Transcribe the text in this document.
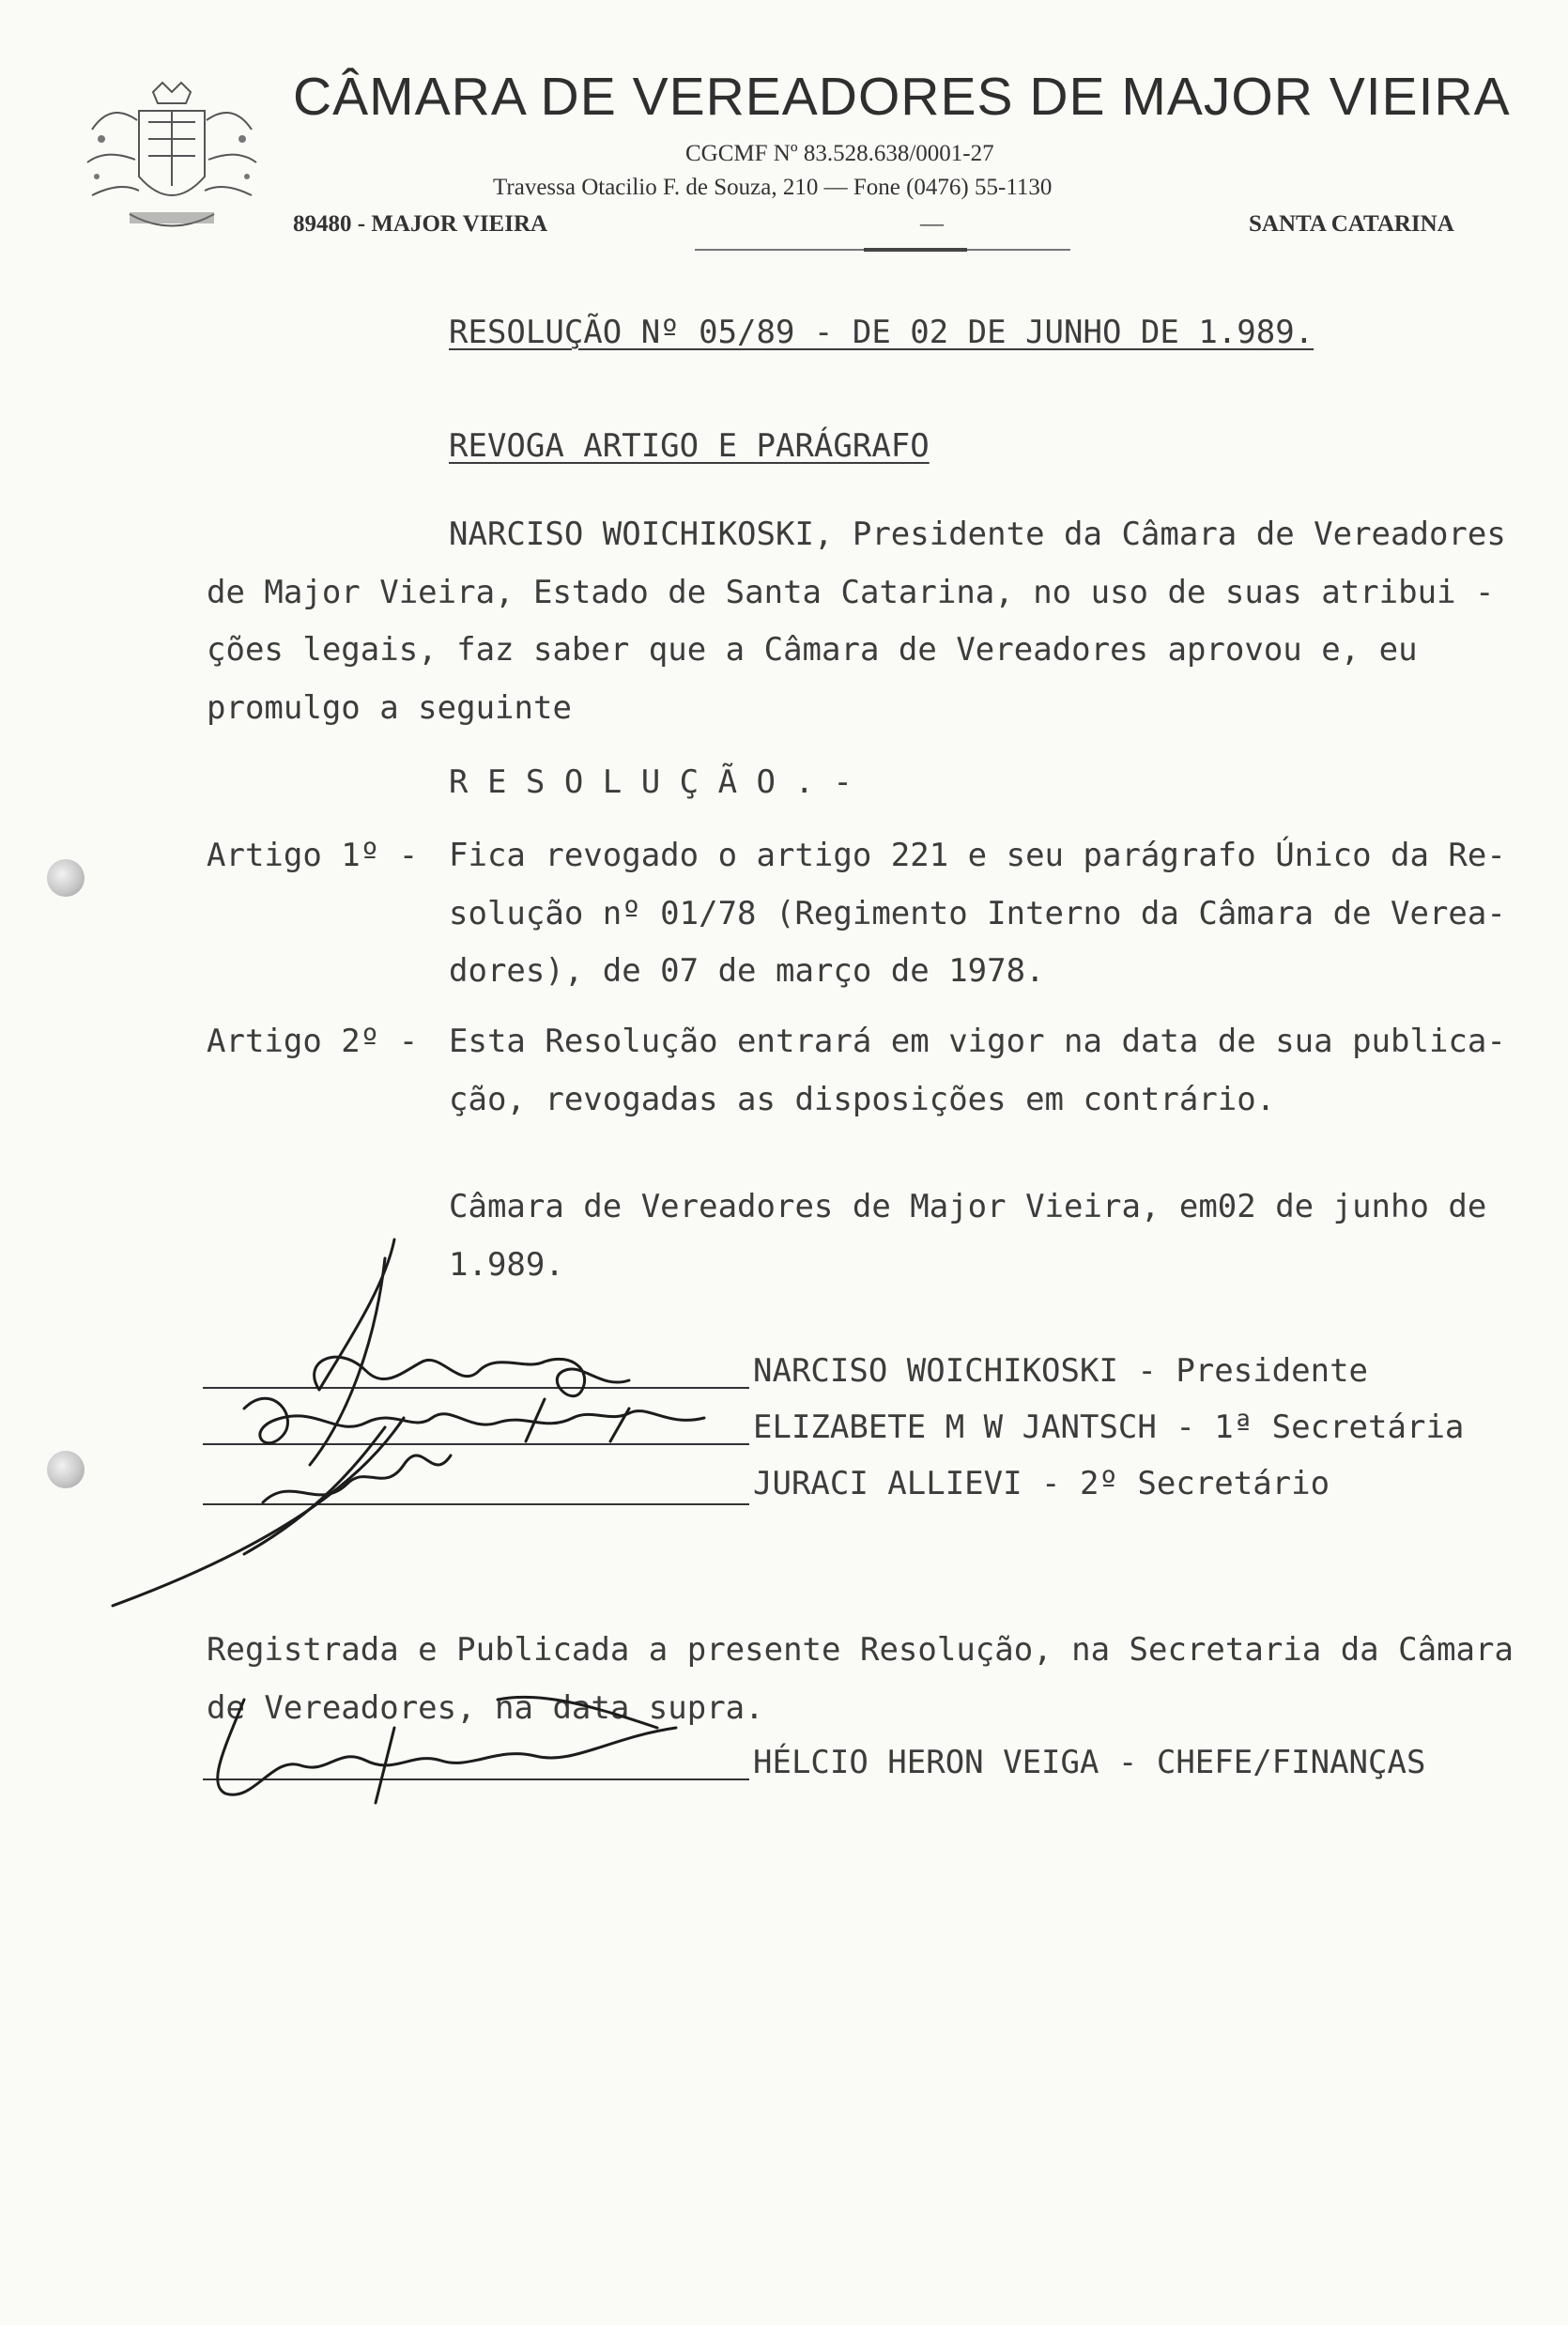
CÂMARA DE VEREADORES DE MAJOR VIEIRA
CGCMF Nº 83.528.638/0001-27
Travessa Otacilio F. de Souza, 210 — Fone (0476) 55-1130
89480 - MAJOR VIEIRA	—	SANTA CATARINA
RESOLUÇÃO Nº 05/89 - DE 02 DE JUNHO DE 1.989.
REVOGA ARTIGO E PARÁGRAFO
NARCISO WOICHIKOSKI, Presidente da Câmara de Vereadores
de Major Vieira, Estado de Santa Catarina, no uso de suas atribui -
ções legais, faz saber que a Câmara de Vereadores aprovou e, eu
promulgo a seguinte
R E S O L U Ç Ã O . -
Artigo 1º - Fica revogado o artigo 221 e seu parágrafo Único da Re-
solução nº 01/78 (Regimento Interno da Câmara de Verea-
dores), de 07 de março de 1978.
Artigo 2º - Esta Resolução entrará em vigor na data de sua publica-
ção, revogadas as disposições em contrário.
Câmara de Vereadores de Major Vieira, em02 de junho de
1.989.
NARCISO WOICHIKOSKI - Presidente
ELIZABETE M W JANTSCH - 1ª Secretária
JURACI ALLIEVI - 2º Secretário
Registrada e Publicada a presente Resolução, na Secretaria da Câmara
de Vereadores, na data supra.
HÉLCIO HERON VEIGA - CHEFE/FINANÇAS
